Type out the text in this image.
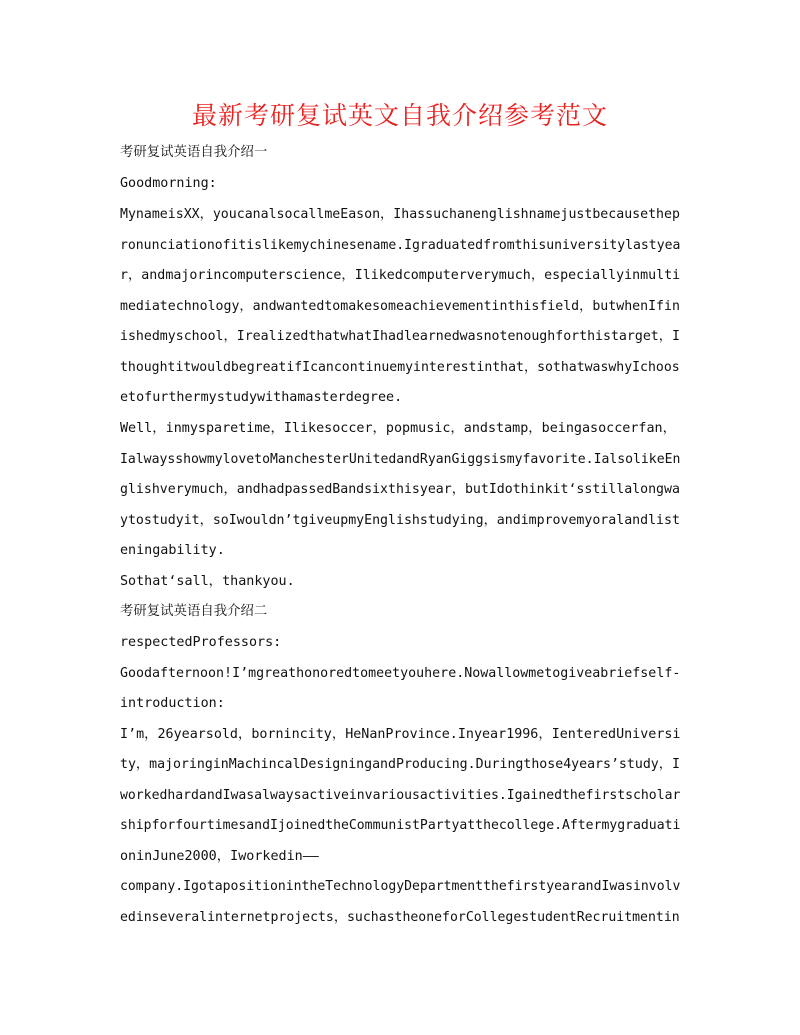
最新考研复试英文自我介绍参考范文
考研复试英语自我介绍一
Goodmorning:
MynameisXX，youcanalsocallmeEason，Ihassuchanenglishnamejustbecausethep
ronunciationofitislikemychinesename.Igraduatedfromthisuniversitylastyea
r，andmajorincomputerscience，Ilikedcomputerverymuch，especiallyinmulti
mediatechnology，andwantedtomakesomeachievementinthisfield，butwhenIfin
ishedmyschool，IrealizedthatwhatIhadlearnedwasnotenoughforthistarget，I
thoughtitwouldbegreatifIcancontinuemyinterestinthat，sothatwaswhyIchoos
etofurthermystudywithamasterdegree.
Well，inmysparetime，Ilikesoccer，popmusic，andstamp，beingasoccerfan，
IalwaysshowmylovetoManchesterUnitedandRyanGiggsismyfavorite.IalsolikeEn
glishverymuch，andhadpassedBandsixthisyear，butIdothinkit‘sstillalongwa
ytostudyit，soIwouldn’tgiveupmyEnglishstudying，andimprovemyoralandlist
eningability.
Sothat‘sall，thankyou.
考研复试英语自我介绍二
respectedProfessors:
Goodafternoon!I’mgreathonoredtomeetyouhere.Nowallowmetogiveabriefself-
introduction:
I’m，26yearsold，bornincity，HeNanProvince.Inyear1996，IenteredUniversi
ty，majoringinMachincalDesigningandProducing.Duringthose4years’study，I
workedhardandIwasalwaysactiveinvariousactivities.Igainedthefirstscholar
shipforfourtimesandIjoinedtheCommunistPartyatthecollege.Aftermygraduati
oninJune2000，Iworkedin——
company.IgotapositionintheTechnologyDepartmentthefirstyearandIwasinvolv
edinseveralinternetprojects，suchastheoneforCollegestudentRecruitmentin
